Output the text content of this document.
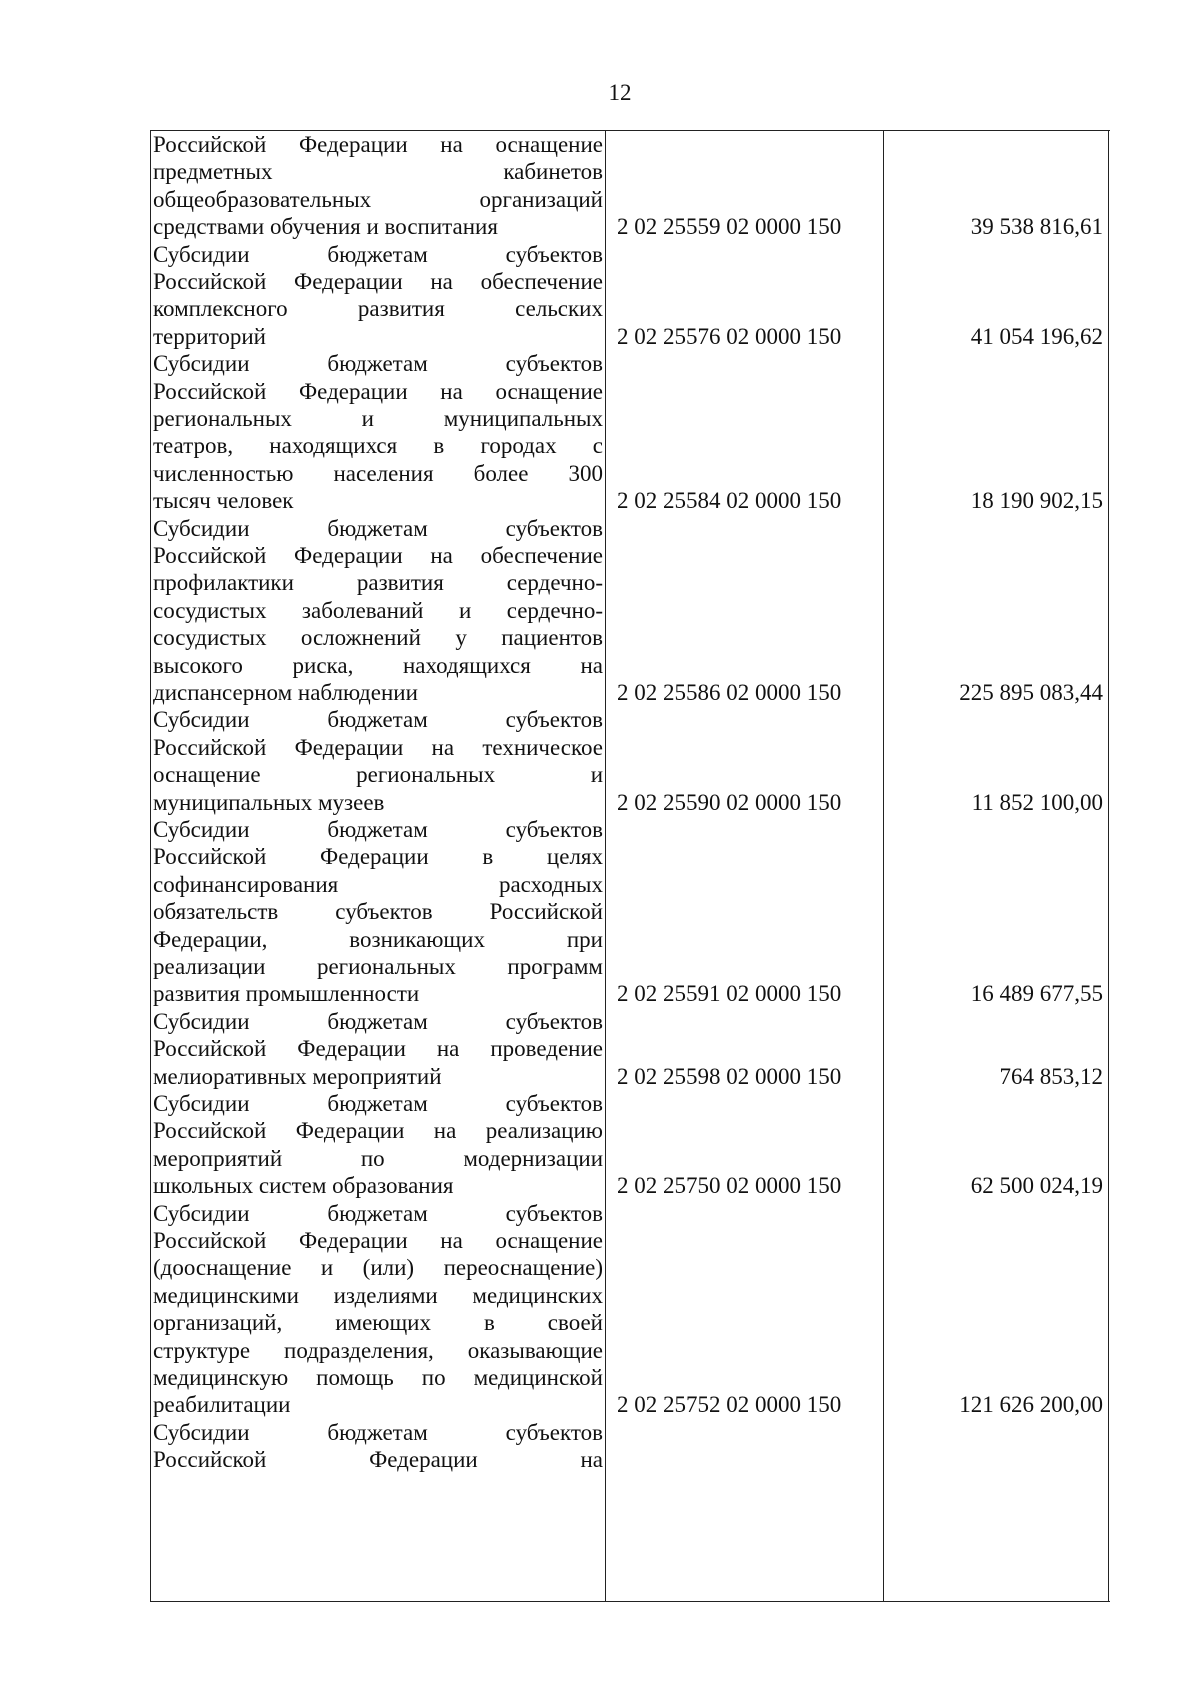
12
Российской Федерации на оснащение
предметных кабинетов
общеобразовательных организаций
средствами обучения и воспитания	2 02 25559 02 0000 150	39 538 816,61
Субсидии бюджетам субъектов
Российской Федерации на обеспечение
комплексного развития сельских
территорий	2 02 25576 02 0000 150	41 054 196,62
Субсидии бюджетам субъектов
Российской Федерации на оснащение
региональных и муниципальных
театров, находящихся в городах с
численностью населения более 300
тысяч человек	2 02 25584 02 0000 150	18 190 902,15
Субсидии бюджетам субъектов
Российской Федерации на обеспечение
профилактики развития сердечно-
сосудистых заболеваний и сердечно-
сосудистых осложнений у пациентов
высокого риска, находящихся на
диспансерном наблюдении	2 02 25586 02 0000 150	225 895 083,44
Субсидии бюджетам субъектов
Российской Федерации на техническое
оснащение региональных и
муниципальных музеев	2 02 25590 02 0000 150	11 852 100,00
Субсидии бюджетам субъектов
Российской Федерации в целях
софинансирования расходных
обязательств субъектов Российской
Федерации, возникающих при
реализации региональных программ
развития промышленности	2 02 25591 02 0000 150	16 489 677,55
Субсидии бюджетам субъектов
Российской Федерации на проведение
мелиоративных мероприятий	2 02 25598 02 0000 150	764 853,12
Субсидии бюджетам субъектов
Российской Федерации на реализацию
мероприятий по модернизации
школьных систем образования	2 02 25750 02 0000 150	62 500 024,19
Субсидии бюджетам субъектов
Российской Федерации на оснащение
(дооснащение и (или) переоснащение)
медицинскими изделиями медицинских
организаций, имеющих в своей
структуре подразделения, оказывающие
медицинскую помощь по медицинской
реабилитации	2 02 25752 02 0000 150	121 626 200,00
Субсидии бюджетам субъектов
Российской Федерации на
